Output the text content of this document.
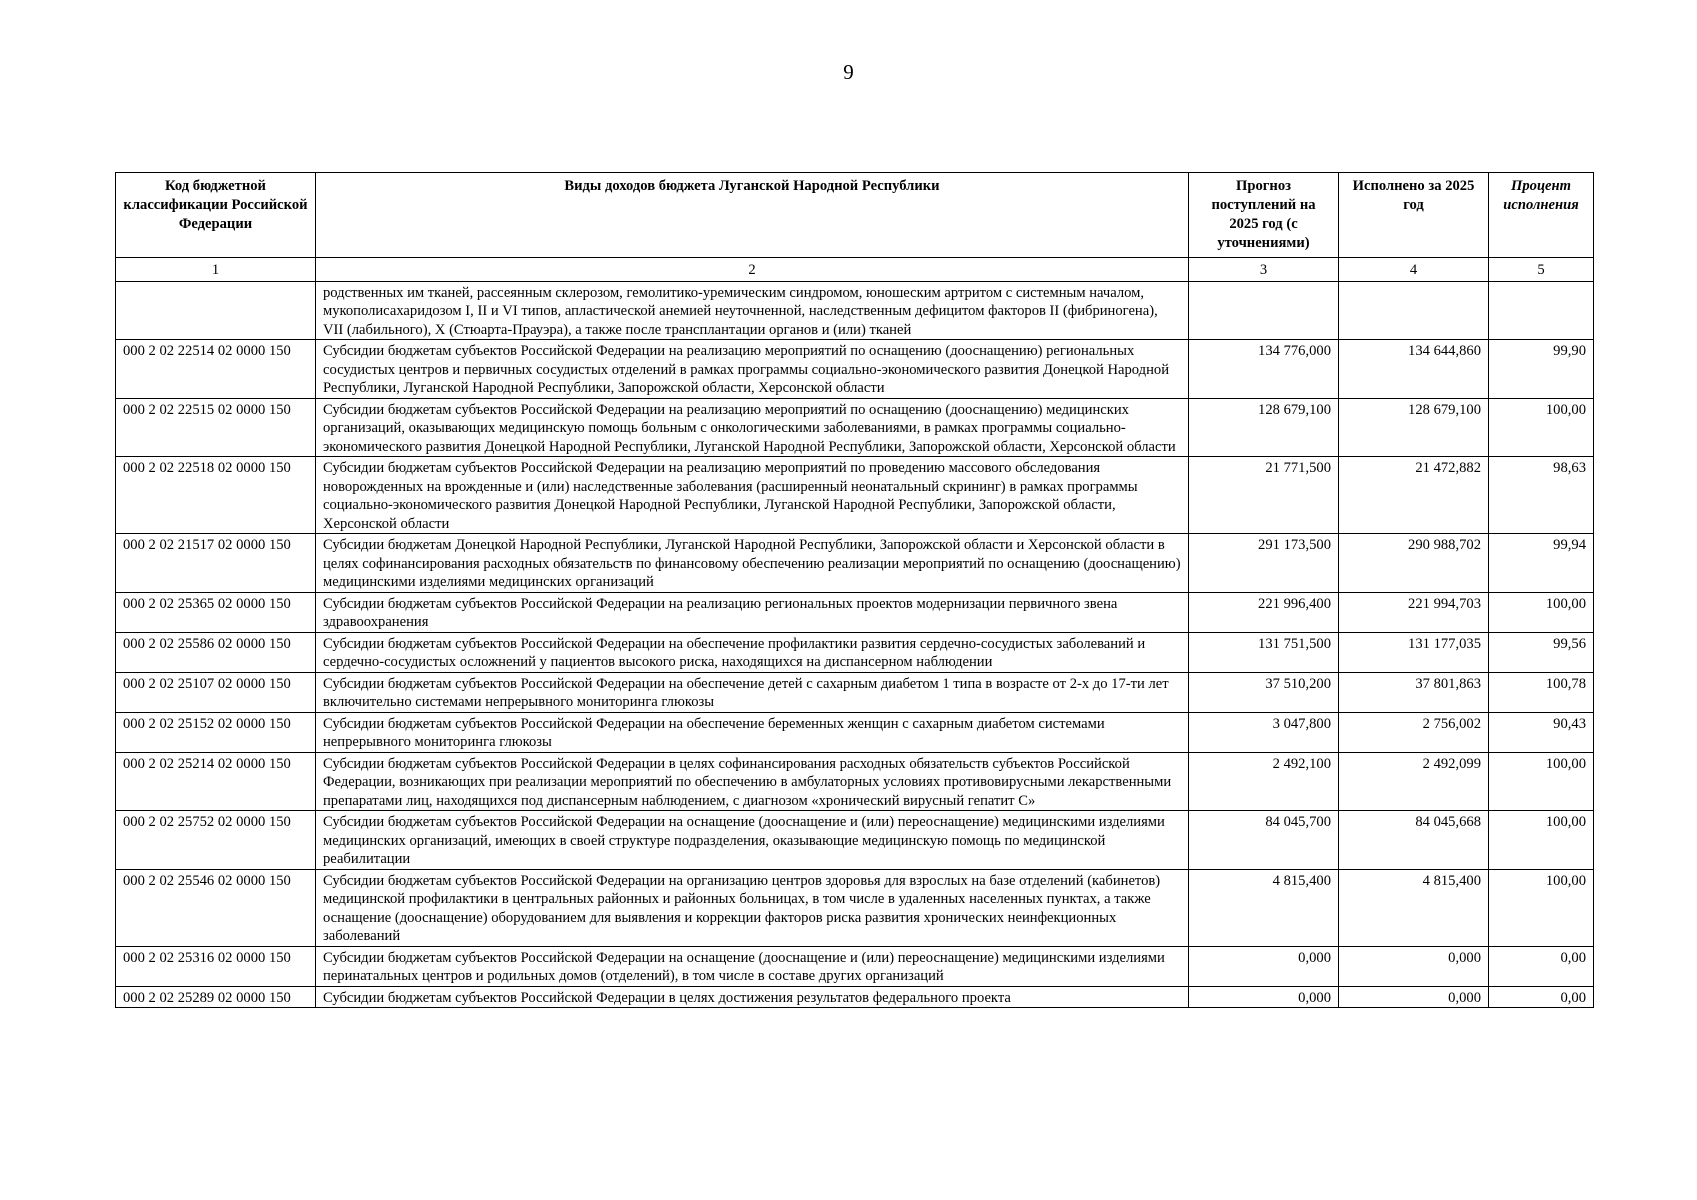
9
Код бюджетной классификации Российской Федерации	Виды доходов бюджета Луганской Народной Республики	Прогноз поступлений на 2025 год (с уточнениями)	Исполнено за 2025 год	Процент исполнения
1	2	3	4	5
	родственных им тканей, рассеянным склерозом, гемолитико-уремическим синдромом, юношеским артритом с системным началом, мукополисахаридозом I, II и VI типов, апластической анемией неуточненной, наследственным дефицитом факторов II (фибриногена), VII (лабильного), X (Стюарта-Прауэра), а также после трансплантации органов и (или) тканей			
000 2 02 22514 02 0000 150	Субсидии бюджетам субъектов Российской Федерации на реализацию мероприятий по оснащению (дооснащению) региональных сосудистых центров и первичных сосудистых отделений в рамках программы социально-экономического развития Донецкой Народной Республики, Луганской Народной Республики, Запорожской области, Херсонской области	134 776,000	134 644,860	99,90
000 2 02 22515 02 0000 150	Субсидии бюджетам субъектов Российской Федерации на реализацию мероприятий по оснащению (дооснащению) медицинских организаций, оказывающих медицинскую помощь больным с онкологическими заболеваниями, в рамках программы социально-экономического развития Донецкой Народной Республики, Луганской Народной Республики, Запорожской области, Херсонской области	128 679,100	128 679,100	100,00
000 2 02 22518 02 0000 150	Субсидии бюджетам субъектов Российской Федерации на реализацию мероприятий по проведению массового обследования новорожденных на врожденные и (или) наследственные заболевания (расширенный неонатальный скрининг) в рамках программы социально-экономического развития Донецкой Народной Республики, Луганской Народной Республики, Запорожской области, Херсонской области	21 771,500	21 472,882	98,63
000 2 02 21517 02 0000 150	Субсидии бюджетам Донецкой Народной Республики, Луганской Народной Республики, Запорожской области и Херсонской области в целях софинансирования расходных обязательств по финансовому обеспечению реализации мероприятий по оснащению (дооснащению) медицинскими изделиями медицинских организаций	291 173,500	290 988,702	99,94
000 2 02 25365 02 0000 150	Субсидии бюджетам субъектов Российской Федерации на реализацию региональных проектов модернизации первичного звена здравоохранения	221 996,400	221 994,703	100,00
000 2 02 25586 02 0000 150	Субсидии бюджетам субъектов Российской Федерации на обеспечение профилактики развития сердечно-сосудистых заболеваний и сердечно-сосудистых осложнений у пациентов высокого риска, находящихся на диспансерном наблюдении	131 751,500	131 177,035	99,56
000 2 02 25107 02 0000 150	Субсидии бюджетам субъектов Российской Федерации на обеспечение детей с сахарным диабетом 1 типа в возрасте от 2-х до 17-ти лет включительно системами непрерывного мониторинга глюкозы	37 510,200	37 801,863	100,78
000 2 02 25152 02 0000 150	Субсидии бюджетам субъектов Российской Федерации на обеспечение беременных женщин с сахарным диабетом системами непрерывного мониторинга глюкозы	3 047,800	2 756,002	90,43
000 2 02 25214 02 0000 150	Субсидии бюджетам субъектов Российской Федерации в целях софинансирования расходных обязательств субъектов Российской Федерации, возникающих при реализации мероприятий по обеспечению в амбулаторных условиях противовирусными лекарственными препаратами лиц, находящихся под диспансерным наблюдением, с диагнозом «хронический вирусный гепатит С»	2 492,100	2 492,099	100,00
000 2 02 25752 02 0000 150	Субсидии бюджетам субъектов Российской Федерации на оснащение (дооснащение и (или) переоснащение) медицинскими изделиями медицинских организаций, имеющих в своей структуре подразделения, оказывающие медицинскую помощь по медицинской реабилитации	84 045,700	84 045,668	100,00
000 2 02 25546 02 0000 150	Субсидии бюджетам субъектов Российской Федерации на организацию центров здоровья для взрослых на базе отделений (кабинетов) медицинской профилактики в центральных районных и районных больницах, в том числе в удаленных населенных пунктах, а также оснащение (дооснащение) оборудованием для выявления и коррекции факторов риска развития хронических неинфекционных заболеваний	4 815,400	4 815,400	100,00
000 2 02 25316 02 0000 150	Субсидии бюджетам субъектов Российской Федерации на оснащение (дооснащение и (или) переоснащение) медицинскими изделиями перинатальных центров и родильных домов (отделений), в том числе в составе других организаций	0,000	0,000	0,00
000 2 02 25289 02 0000 150	Субсидии бюджетам субъектов Российской Федерации в целях достижения результатов федерального проекта	0,000	0,000	0,00
